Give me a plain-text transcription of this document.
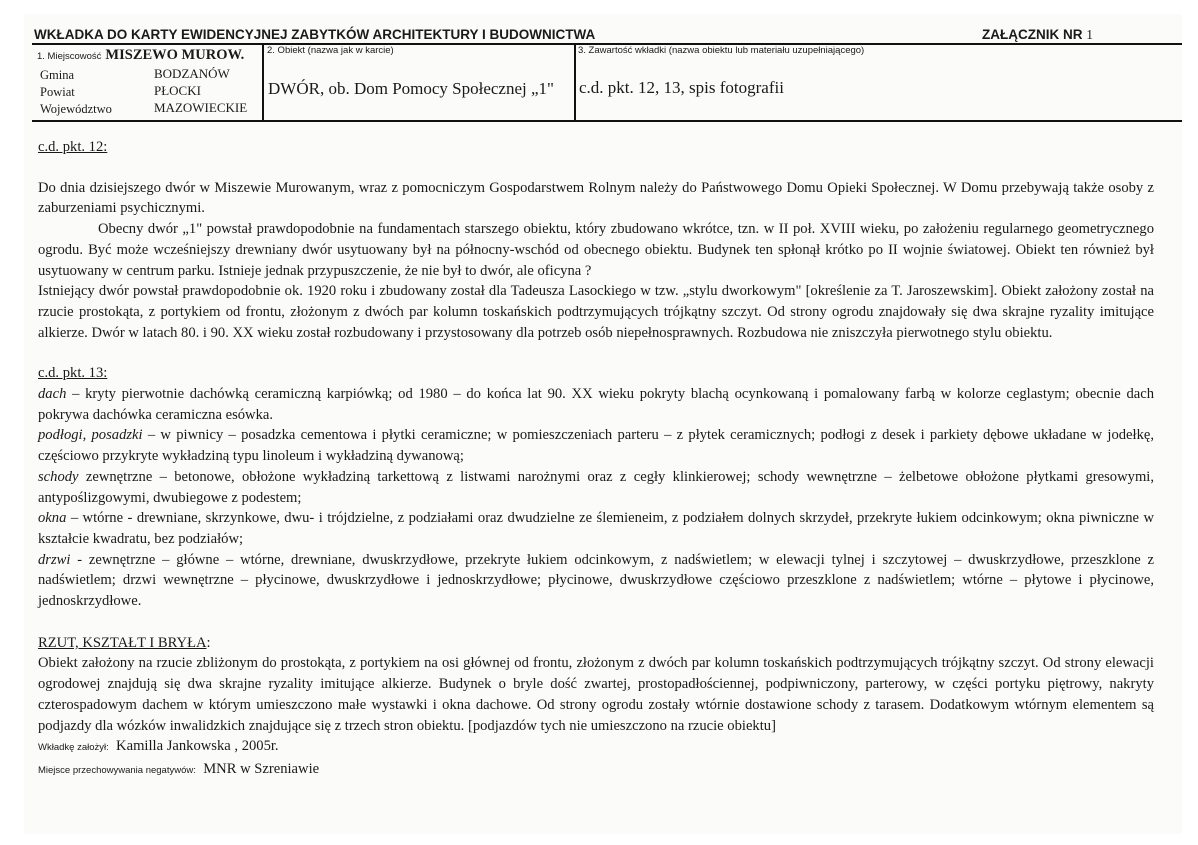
WKŁADKA DO KARTY EWIDENCYJNEJ ZABYTKÓW ARCHITEKTURY I BUDOWNICTWA	ZAŁĄCZNIK NR 1
1. Miejscowość MISZEWO MUROW.
Gmina	BODZANÓW
Powiat	PŁOCKI
Województwo	MAZOWIECKIE
2. Obiekt (nazwa jak w karcie)
DWÓR, ob. Dom Pomocy Społecznej „1"
3. Zawartość wkładki (nazwa obiektu lub materiału uzupełniającego)
c.d. pkt. 12, 13, spis fotografii

c.d. pkt. 12:

Do dnia dzisiejszego dwór w Miszewie Murowanym, wraz z pomocniczym Gospodarstwem Rolnym należy do Państwowego Domu Opieki Społecznej. W Domu przebywają także osoby z zaburzeniami psychicznymi.

Obecny dwór „1" powstał prawdopodobnie na fundamentach starszego obiektu, który zbudowano wkrótce, tzn. w II poł. XVIII wieku, po założeniu regularnego geometrycznego ogrodu. Być może wcześniejszy drewniany dwór usytuowany był na północny-wschód od obecnego obiektu. Budynek ten spłonął krótko po II wojnie światowej. Obiekt ten również był usytuowany w centrum parku. Istnieje jednak przypuszczenie, że nie był to dwór, ale oficyna ?

Istniejący dwór powstał prawdopodobnie ok. 1920 roku i zbudowany został dla Tadeusza Lasockiego w tzw. „stylu dworkowym" [określenie za T. Jaroszewskim]. Obiekt założony został na rzucie prostokąta, z portykiem od frontu, złożonym z dwóch par kolumn toskańskich podtrzymujących trójkątny szczyt. Od strony ogrodu znajdowały się dwa skrajne ryzality imitujące alkierze. Dwór w latach 80. i 90. XX wieku został rozbudowany i przystosowany dla potrzeb osób niepełnosprawnych. Rozbudowa nie zniszczyła pierwotnego stylu obiektu.

c.d. pkt. 13:

dach – kryty pierwotnie dachówką ceramiczną karpiówką; od 1980 – do końca lat 90. XX wieku pokryty blachą ocynkowaną i pomalowany farbą w kolorze ceglastym; obecnie dach pokrywa dachówka ceramiczna esówka.

podłogi, posadzki – w piwnicy – posadzka cementowa i płytki ceramiczne; w pomieszczeniach parteru – z płytek ceramicznych; podłogi z desek i parkiety dębowe układane w jodełkę, częściowo przykryte wykładziną typu linoleum i wykładziną dywanową;

schody zewnętrzne – betonowe, obłożone wykładziną tarkettową z listwami narożnymi oraz z cegły klinkierowej; schody wewnętrzne – żelbetowe obłożone płytkami gresowymi, antypoślizgowymi, dwubiegowe z podestem;

okna – wtórne - drewniane, skrzynkowe, dwu- i trójdzielne, z podziałami oraz dwudzielne ze ślemieneim, z podziałem dolnych skrzydeł, przekryte łukiem odcinkowym; okna piwniczne w kształcie kwadratu, bez podziałów;

drzwi - zewnętrzne – główne – wtórne, drewniane, dwuskrzydłowe, przekryte łukiem odcinkowym, z nadświetlem; w elewacji tylnej i szczytowej – dwuskrzydłowe, przeszklone z nadświetlem; drzwi wewnętrzne – płycinowe, dwuskrzydłowe i jednoskrzydłowe; płycinowe, dwuskrzydłowe częściowo przeszklone z nadświetlem; wtórne – płytowe i płycinowe, jednoskrzydłowe.

RZUT, KSZTAŁT I BRYŁA:

Obiekt założony na rzucie zbliżonym do prostokąta, z portykiem na osi głównej od frontu, złożonym z dwóch par kolumn toskańskich podtrzymujących trójkątny szczyt. Od strony elewacji ogrodowej znajdują się dwa skrajne ryzality imitujące alkierze. Budynek o bryle dość zwartej, prostopadłościennej, podpiwniczony, parterowy, w części portyku piętrowy, nakryty czterospadowym dachem w którym umieszczono małe wystawki i okna dachowe. Od strony ogrodu zostały wtórnie dostawione schody z tarasem. Dodatkowym wtórnym elementem są podjazdy dla wózków inwalidzkich znajdujące się z trzech stron obiektu. [podjazdów tych nie umieszczono na rzucie obiektu]

Wkładkę założył: Kamilla Jankowska , 2005r.

Miejsce przechowywania negatywów: MNR w Szreniawie
